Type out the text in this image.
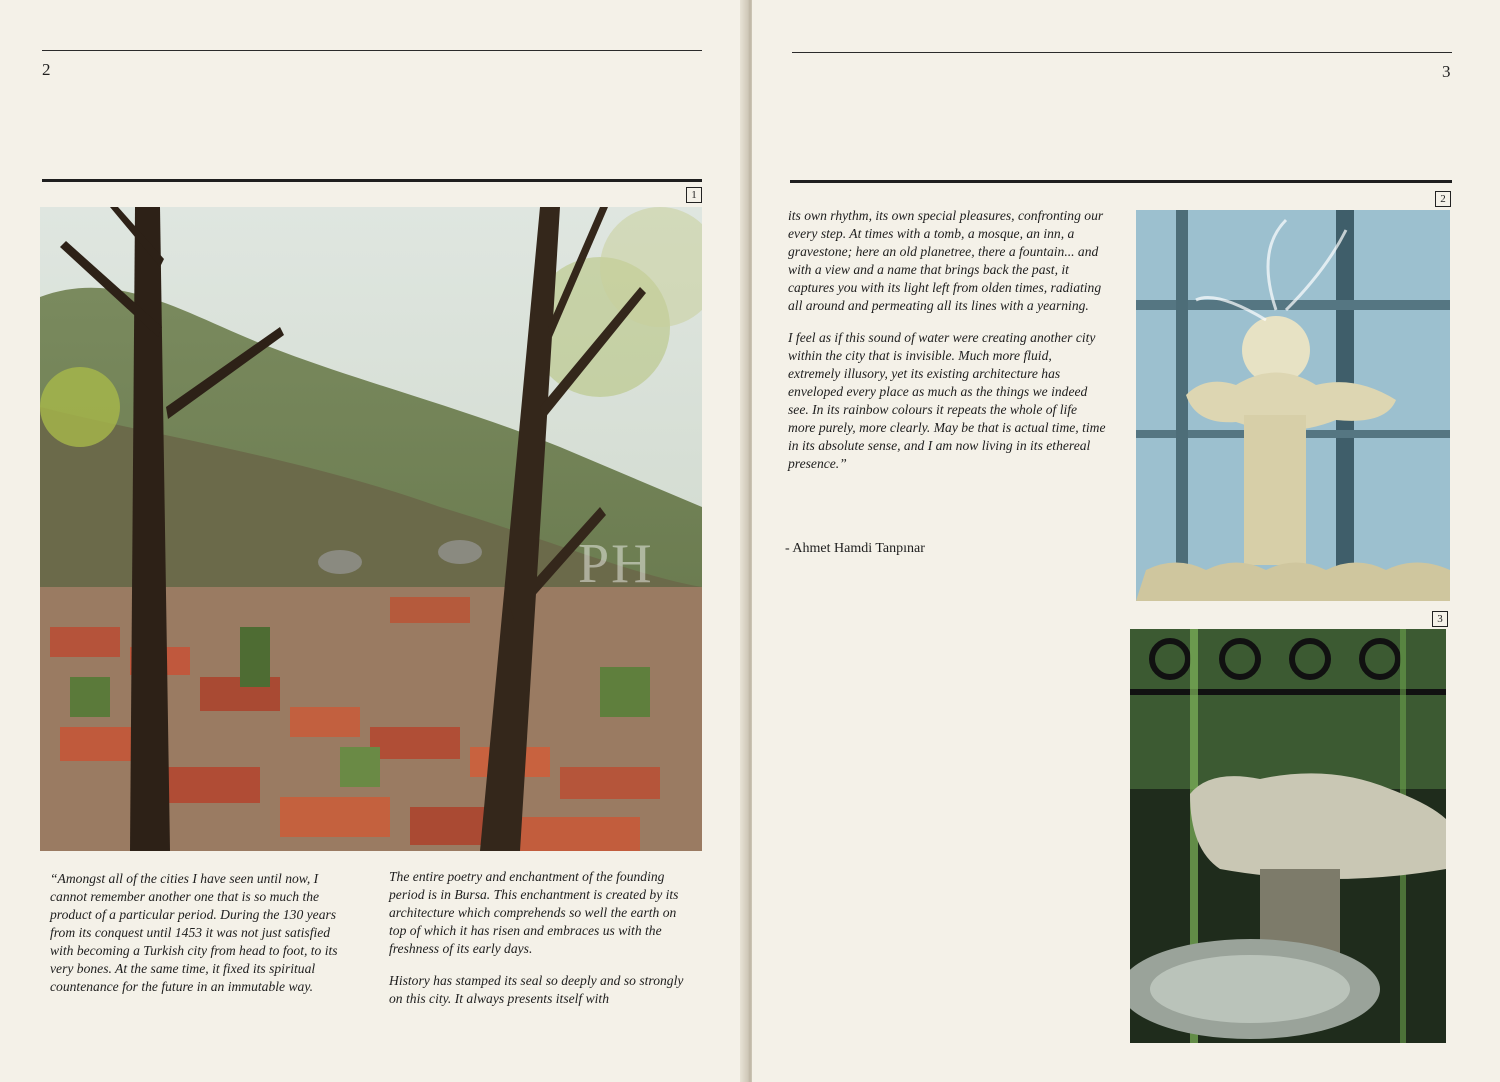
2
1
PH

“Amongst all of the cities I have seen until now, I cannot remember another one that is so much the product of a particular period. During the 130 years from its conquest until 1453 it was not just satisfied with becoming a Turkish city from head to foot, to its very bones. At the same time, it fixed its spiritual countenance for the future in an immutable way.

The entire poetry and enchantment of the founding period is in Bursa. This enchantment is created by its architecture which comprehends so well the earth on top of which it has risen and embraces us with the freshness of its early days.

History has stamped its seal so deeply and so strongly on this city. It always presents itself with

3
2

its own rhythm, its own special pleasures, confronting our every step. At times with a tomb, a mosque, an inn, a gravestone; here an old planetree, there a fountain... and with a view and a name that brings back the past, it captures you with its light left from olden times, radiating all around and permeating all its lines with a yearning.

I feel as if this sound of water were creating another city within the city that is invisible. Much more fluid, extremely illusory, yet its existing architecture has enveloped every place as much as the things we indeed see. In its rainbow colours it repeats the whole of life more purely, more clearly. May be that is actual time, time in its absolute sense, and I am now living in its ethereal presence.”

- Ahmet Hamdi Tanpınar
3
